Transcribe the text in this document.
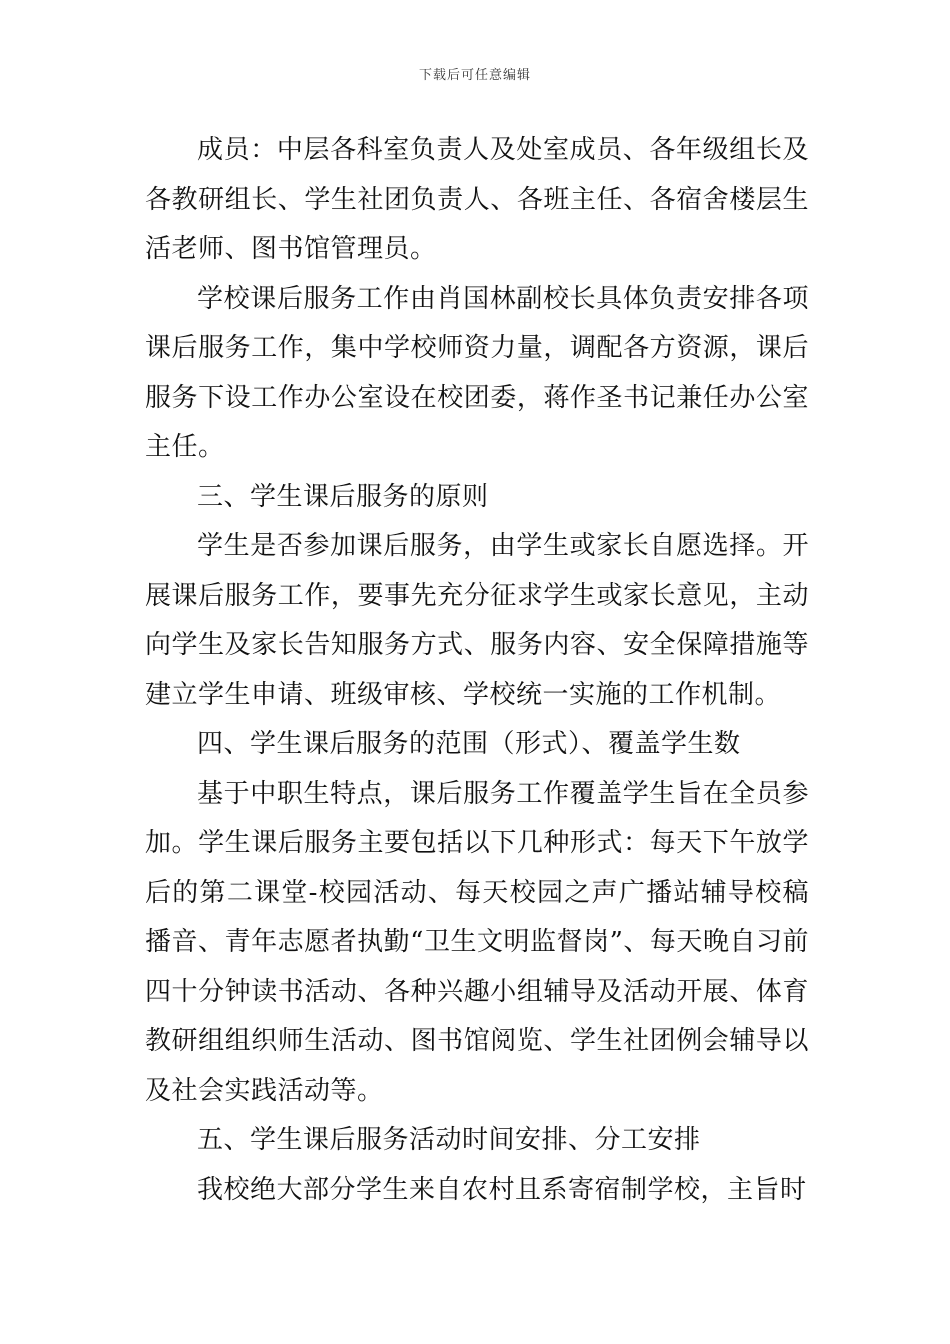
下载后可任意编辑

成员：中层各科室负责人及处室成员、各年级组长及各教研组长、学生社团负责人、各班主任、各宿舍楼层生活老师、图书馆管理员。

学校课后服务工作由肖国林副校长具体负责安排各项课后服务工作，集中学校师资力量，调配各方资源，课后服务下设工作办公室设在校团委，蒋作圣书记兼任办公室主任。

三、学生课后服务的原则

学生是否参加课后服务，由学生或家长自愿选择。开展课后服务工作，要事先充分征求学生或家长意见，主动向学生及家长告知服务方式、服务内容、安全保障措施等建立学生申请、班级审核、学校统一实施的工作机制。

四、学生课后服务的范围（形式）、覆盖学生数

基于中职生特点，课后服务工作覆盖学生旨在全员参加。学生课后服务主要包括以下几种形式：每天下午放学后的第二课堂-校园活动、每天校园之声广播站辅导校稿播音、青年志愿者执勤“卫生文明监督岗”、每天晚自习前四十分钟读书活动、各种兴趣小组辅导及活动开展、体育教研组组织师生活动、图书馆阅览、学生社团例会辅导以及社会实践活动等。

五、学生课后服务活动时间安排、分工安排

我校绝大部分学生来自农村且系寄宿制学校，主旨时
